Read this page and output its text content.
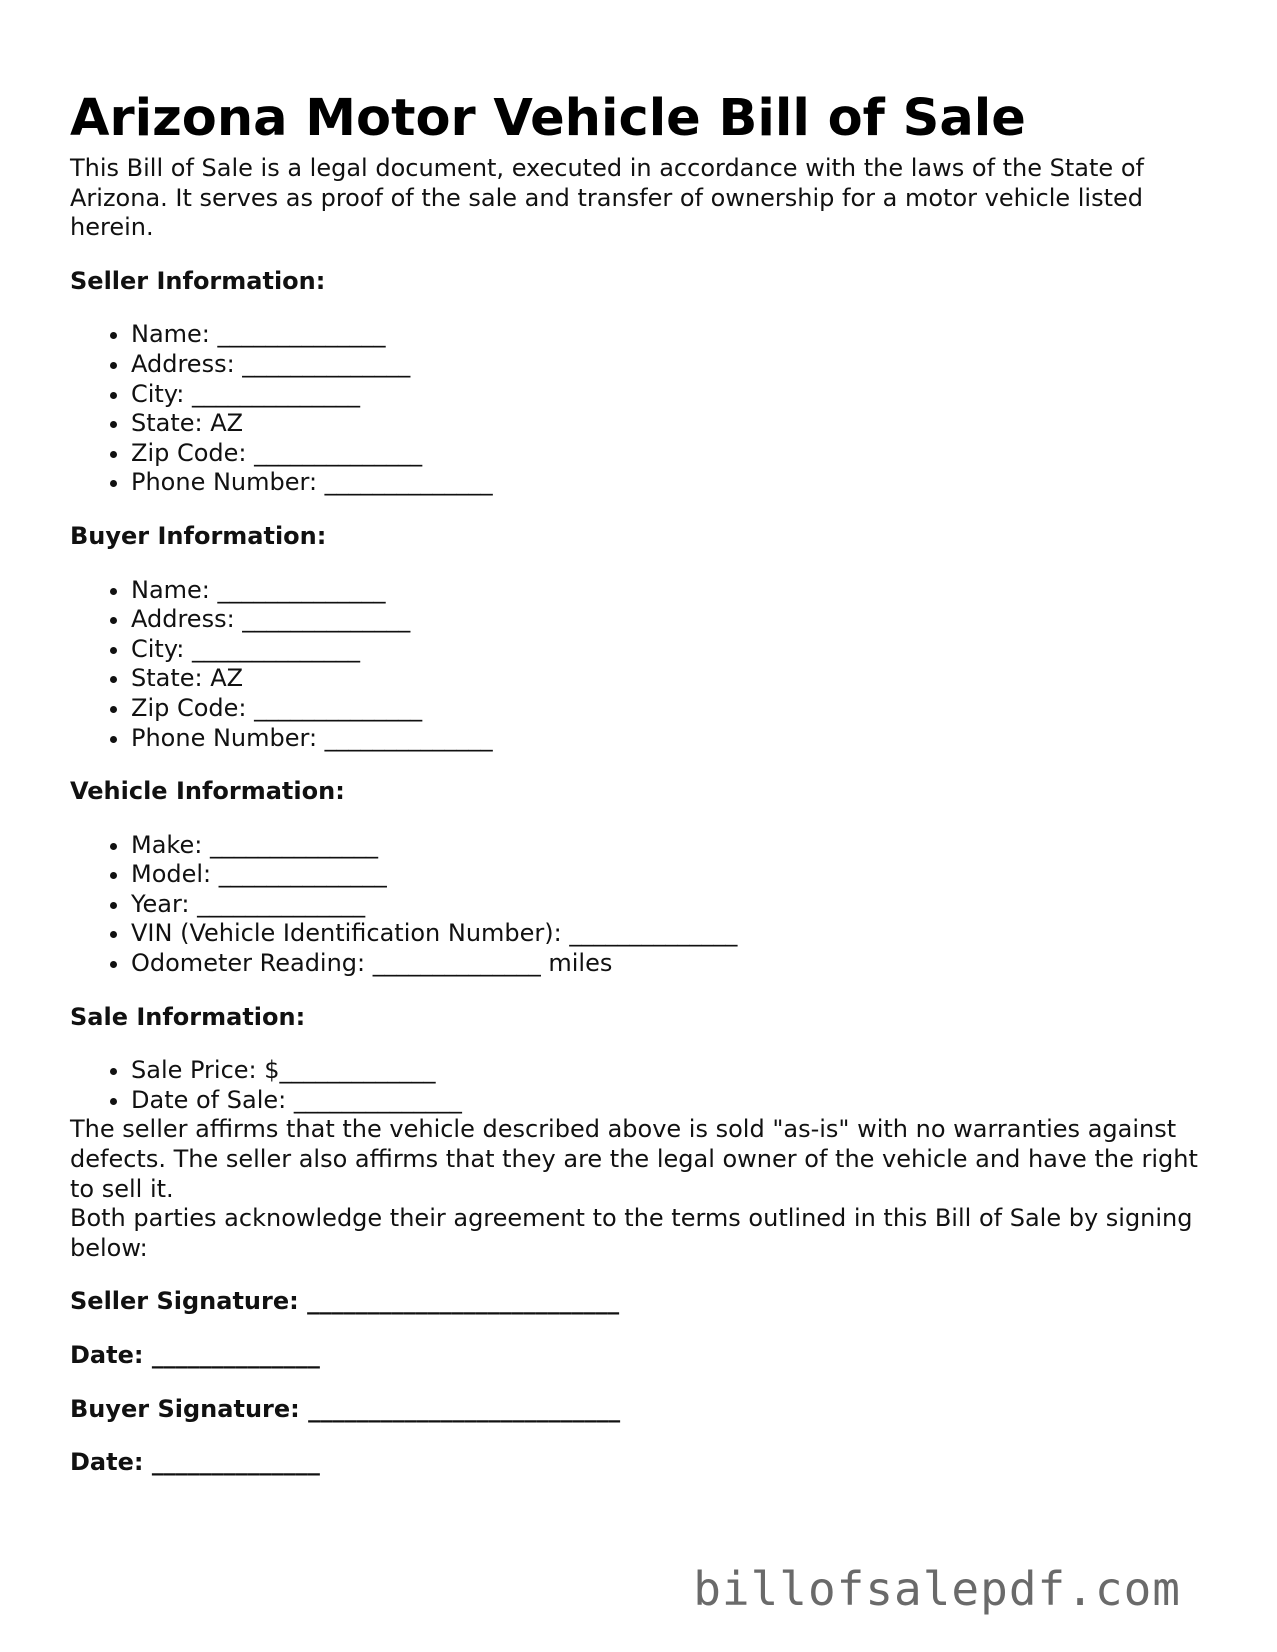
Arizona Motor Vehicle Bill of Sale

This Bill of Sale is a legal document, executed in accordance with the laws of the State of Arizona. It serves as proof of the sale and transfer of ownership for a motor vehicle listed herein.

Seller Information:
• Name: ______________
• Address: ______________
• City: ______________
• State: AZ
• Zip Code: ______________
• Phone Number: ______________
Buyer Information:
• Name: ______________
• Address: ______________
• City: ______________
• State: AZ
• Zip Code: ______________
• Phone Number: ______________
Vehicle Information:
• Make: ______________
• Model: ______________
• Year: ______________
• VIN (Vehicle Identification Number): ______________
• Odometer Reading: ______________ miles
Sale Information:
• Sale Price: $_____________
• Date of Sale: ______________

The seller affirms that the vehicle described above is sold "as-is" with no warranties against defects. The seller also affirms that they are the legal owner of the vehicle and have the right to sell it.

Both parties acknowledge their agreement to the terms outlined in this Bill of Sale by signing below:

Seller Signature: __________________________

Date: ______________

Buyer Signature: __________________________

Date: ______________

billofsalepdf.com
